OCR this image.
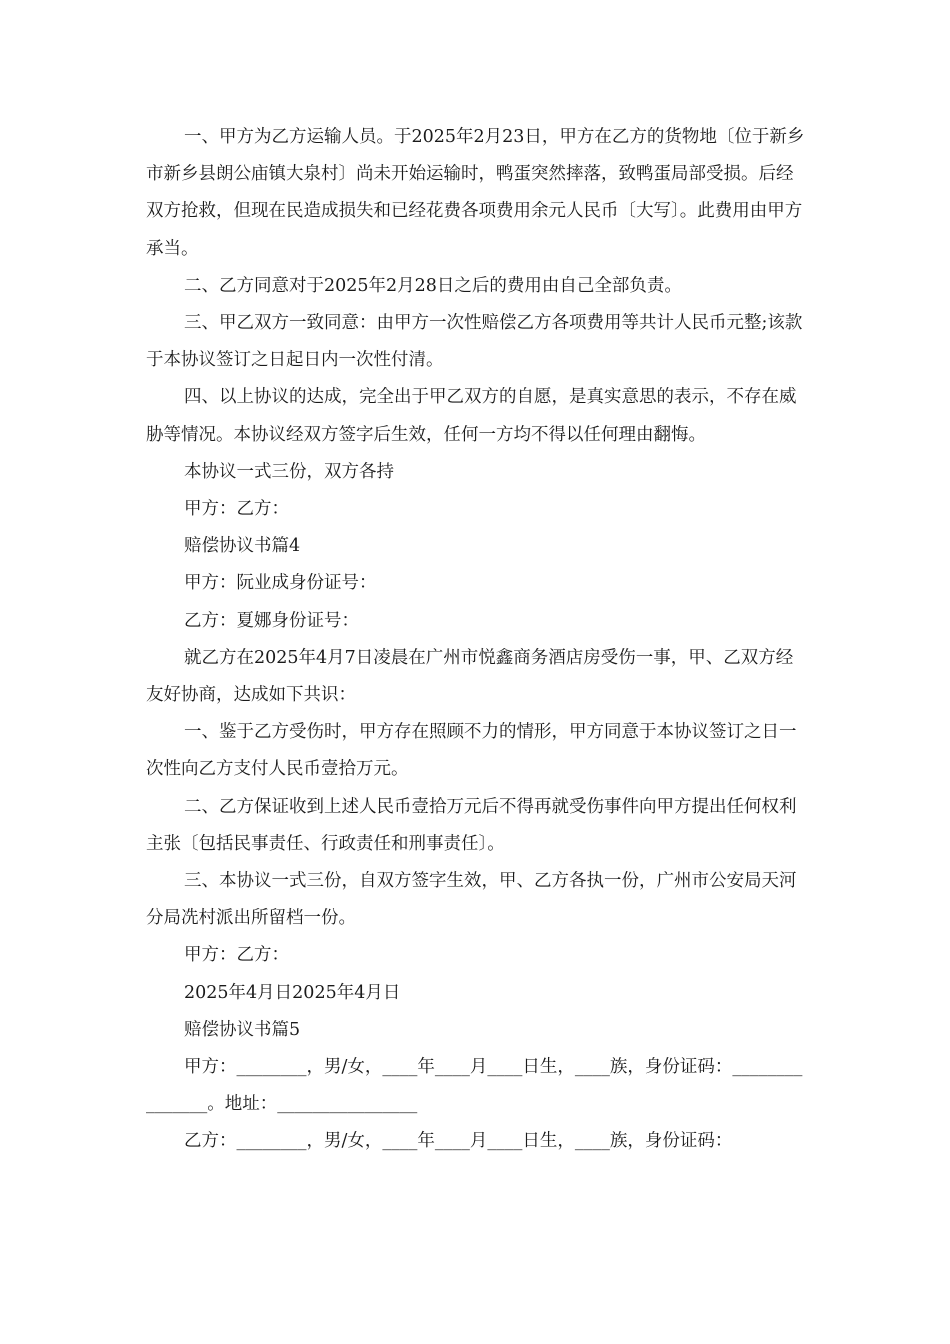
一、甲方为乙方运输人员。于2025年2月23日，甲方在乙方的货物地〔位于新乡市新乡县朗公庙镇大泉村〕尚未开始运输时，鸭蛋突然摔落，致鸭蛋局部受损。后经双方抢救，但现在民造成损失和已经花费各项费用余元人民币〔大写〕。此费用由甲方承当。

二、乙方同意对于2025年2月28日之后的费用由自己全部负责。

三、甲乙双方一致同意：由甲方一次性赔偿乙方各项费用等共计人民币元整;该款于本协议签订之日起日内一次性付清。

四、以上协议的达成，完全出于甲乙双方的自愿，是真实意思的表示，不存在威胁等情况。本协议经双方签字后生效，任何一方均不得以任何理由翻悔。

本协议一式三份，双方各持

甲方：乙方：

赔偿协议书篇4

甲方：阮业成身份证号：

乙方：夏娜身份证号：

就乙方在2025年4月7日凌晨在广州市悦鑫商务酒店房受伤一事，甲、乙双方经友好协商，达成如下共识：

一、鉴于乙方受伤时，甲方存在照顾不力的情形，甲方同意于本协议签订之日一次性向乙方支付人民币壹拾万元。

二、乙方保证收到上述人民币壹拾万元后不得再就受伤事件向甲方提出任何权利主张〔包括民事责任、行政责任和刑事责任〕。

三、本协议一式三份，自双方签字生效，甲、乙方各执一份，广州市公安局天河分局冼村派出所留档一份。

甲方：乙方：

2025年4月日2025年4月日

赔偿协议书篇5

甲方：________，男/女，____年____月____日生，____族，身份证码：_______________。地址：________________

乙方：________，男/女，____年____月____日生，____族，身份证码：
